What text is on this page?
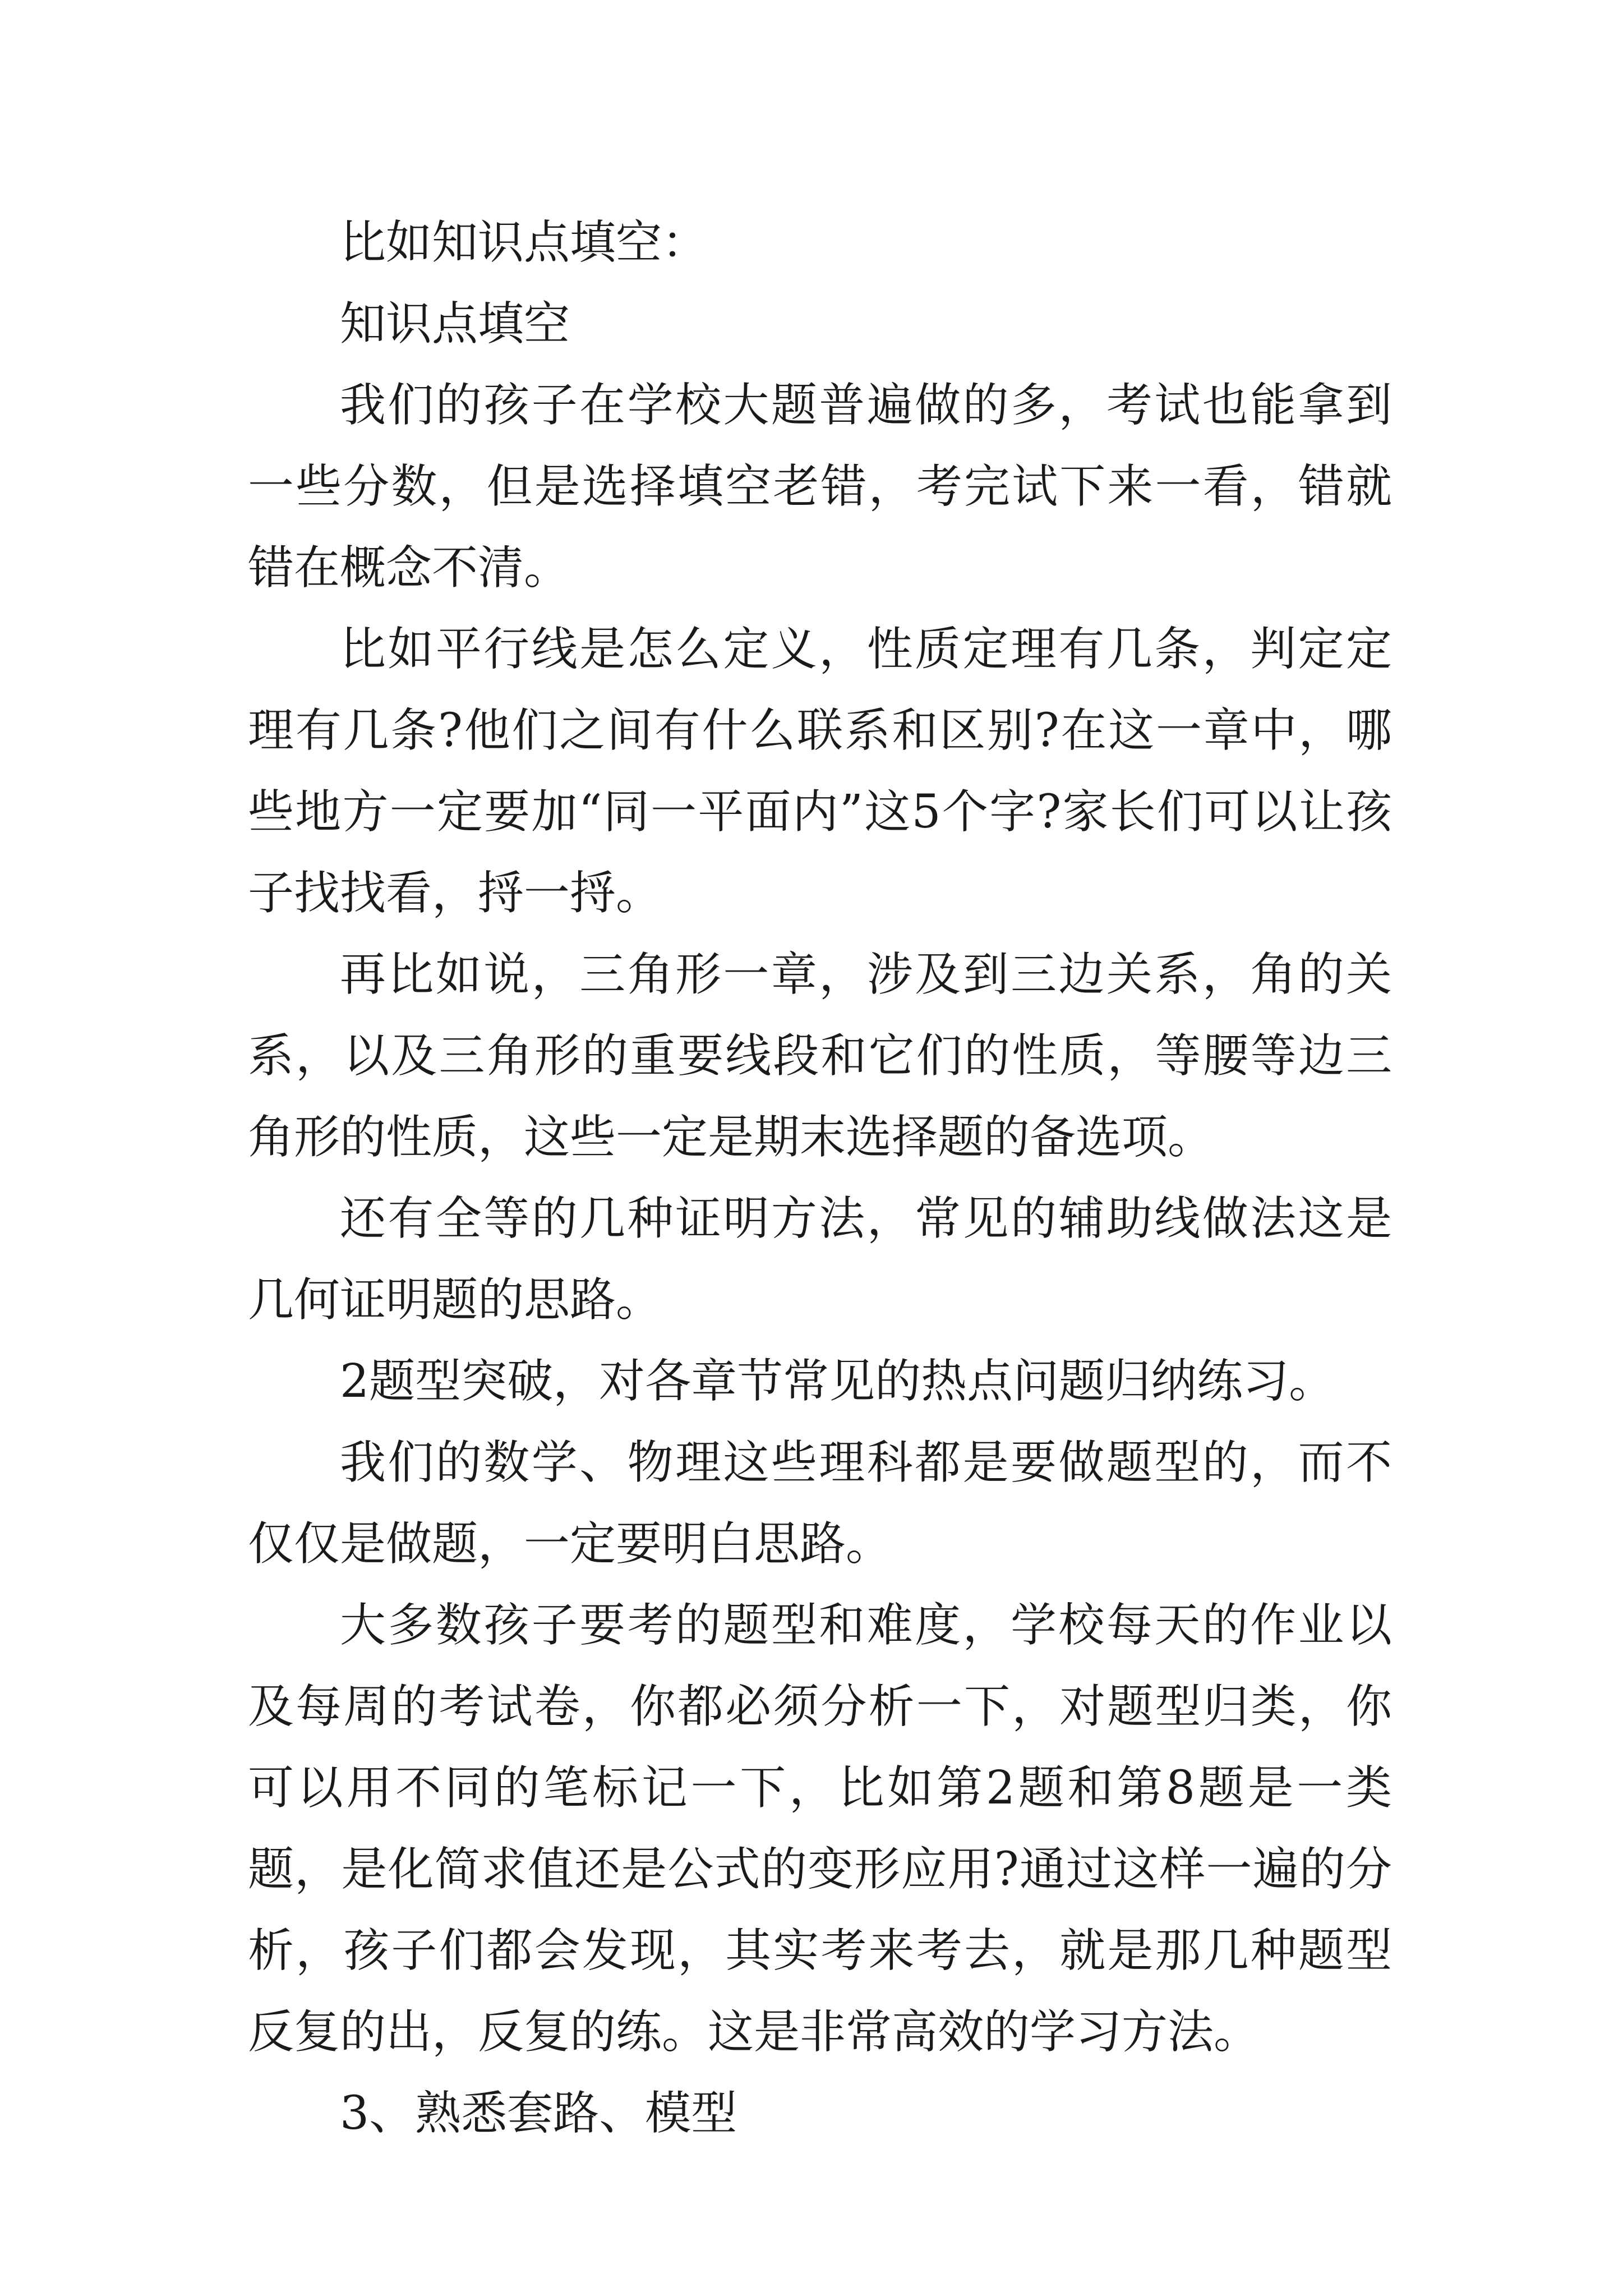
比如知识点填空：

知识点填空

我们的孩子在学校大题普遍做的多，考试也能拿到一些分数，但是选择填空老错，考完试下来一看，错就错在概念不清。

比如平行线是怎么定义，性质定理有几条，判定定理有几条?他们之间有什么联系和区别?在这一章中，哪些地方一定要加“同一平面内”这5个字?家长们可以让孩子找找看，捋一捋。

再比如说，三角形一章，涉及到三边关系，角的关系，以及三角形的重要线段和它们的性质，等腰等边三角形的性质，这些一定是期末选择题的备选项。

还有全等的几种证明方法，常见的辅助线做法这是几何证明题的思路。

2题型突破，对各章节常见的热点问题归纳练习。

我们的数学、物理这些理科都是要做题型的，而不仅仅是做题，一定要明白思路。

大多数孩子要考的题型和难度，学校每天的作业以及每周的考试卷，你都必须分析一下，对题型归类，你可以用不同的笔标记一下，比如第2题和第8题是一类题，是化简求值还是公式的变形应用?通过这样一遍的分析，孩子们都会发现，其实考来考去，就是那几种题型反复的出，反复的练。这是非常高效的学习方法。

3、熟悉套路、模型
